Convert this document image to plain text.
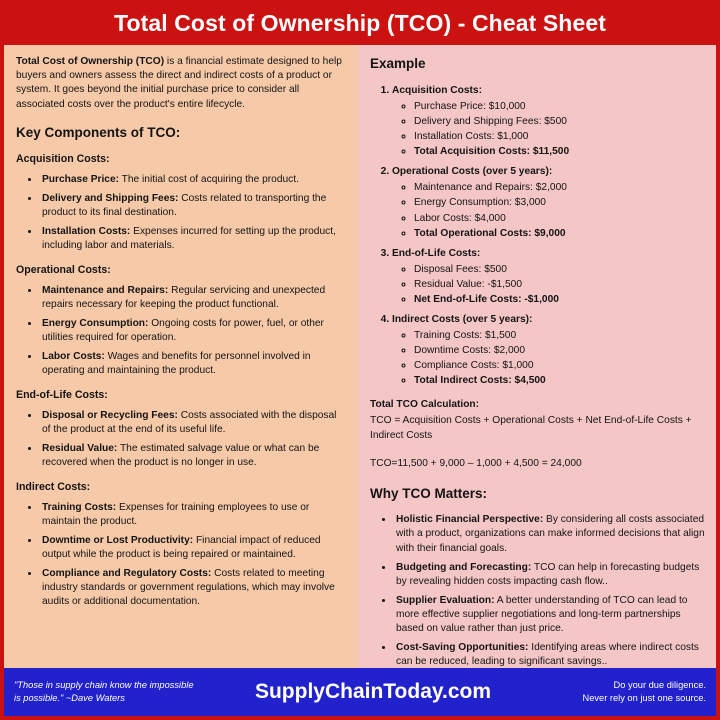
Total Cost of Ownership (TCO) - Cheat Sheet

Total Cost of Ownership (TCO) is a financial estimate designed to help buyers and owners assess the direct and indirect costs of a product or system. It goes beyond the initial purchase price to consider all associated costs over the product's entire lifecycle.

Key Components of TCO:
Acquisition Costs:
• Purchase Price: The initial cost of acquiring the product.
• Delivery and Shipping Fees: Costs related to transporting the product to its final destination.
• Installation Costs: Expenses incurred for setting up the product, including labor and materials.
Operational Costs:
• Maintenance and Repairs: Regular servicing and unexpected repairs necessary for keeping the product functional.
• Energy Consumption: Ongoing costs for power, fuel, or other utilities required for operation.
• Labor Costs: Wages and benefits for personnel involved in operating and maintaining the product.
End-of-Life Costs:
• Disposal or Recycling Fees: Costs associated with the disposal of the product at the end of its useful life.
• Residual Value: The estimated salvage value or what can be recovered when the product is no longer in use.
Indirect Costs:
• Training Costs: Expenses for training employees to use or maintain the product.
• Downtime or Lost Productivity: Financial impact of reduced output while the product is being repaired or maintained.
• Compliance and Regulatory Costs: Costs related to meeting industry standards or government regulations, which may involve audits or additional documentation.
Example
1. Acquisition Costs:
◦ Purchase Price: $10,000
◦ Delivery and Shipping Fees: $500
◦ Installation Costs: $1,000
◦ Total Acquisition Costs: $11,500
2. Operational Costs (over 5 years):
◦ Maintenance and Repairs: $2,000
◦ Energy Consumption: $3,000
◦ Labor Costs: $4,000
◦ Total Operational Costs: $9,000
3. End-of-Life Costs:
◦ Disposal Fees: $500
◦ Residual Value: -$1,500
◦ Net End-of-Life Costs: -$1,000
4. Indirect Costs (over 5 years):
◦ Training Costs: $1,500
◦ Downtime Costs: $2,000
◦ Compliance Costs: $1,000
◦ Total Indirect Costs: $4,500
Total TCO Calculation:
TCO = Acquisition Costs + Operational Costs + Net End-of-Life Costs + Indirect Costs
TCO=11,500 + 9,000 – 1,000 + 4,500 = 24,000
Why TCO Matters:
• Holistic Financial Perspective: By considering all costs associated with a product, organizations can make informed decisions that align with their financial goals.
• Budgeting and Forecasting: TCO can help in forecasting budgets by revealing hidden costs impacting cash flow..
• Supplier Evaluation: A better understanding of TCO can lead to more effective supplier negotiations and long-term partnerships based on value rather than just price.
• Cost-Saving Opportunities: Identifying areas where indirect costs can be reduced, leading to significant savings..
"Those in supply chain know the impossible is possible." ~Dave Waters	SupplyChainToday.com	Do your due diligence.
Never rely on just one source.
